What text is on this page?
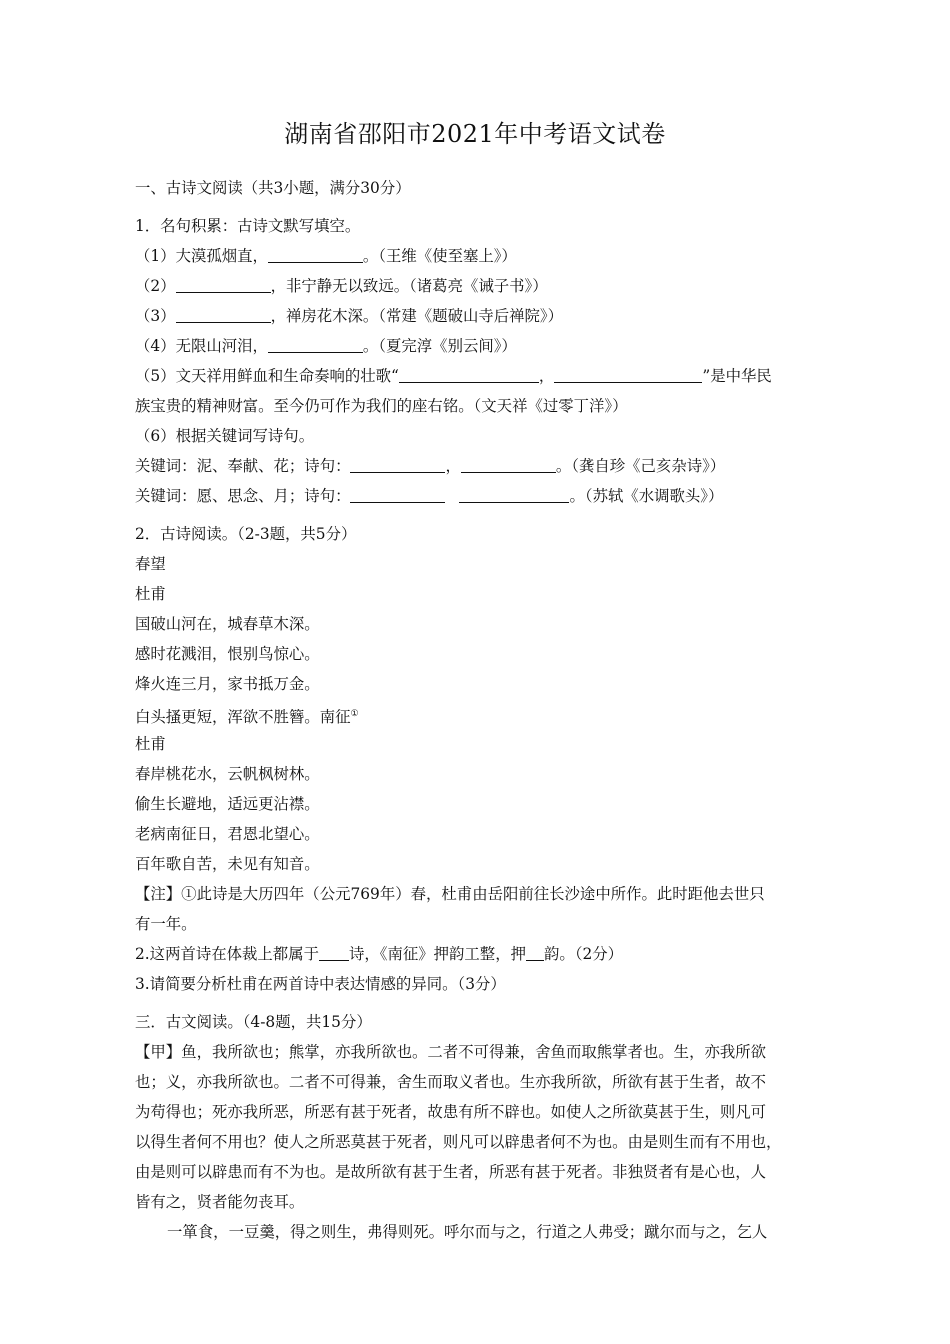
湖南省邵阳市2021年中考语文试卷
一、古诗文阅读（共3小题，满分30分）
1．名句积累：古诗文默写填空。
（1）大漠孤烟直，	。（王维《使至塞上》）
（2）	，非宁静无以致远。（诸葛亮《诫子书》）
（3）	，禅房花木深。（常建《题破山寺后禅院》）
（4）无限山河泪，	。（夏完淳《别云间》）
（5）文天祥用鲜血和生命奏响的壮歌“	，	”是中华民
族宝贵的精神财富。至今仍可作为我们的座右铭。（文天祥《过零丁洋》）
（6）根据关键词写诗句。
关键词：泥、奉献、花；诗句：	，	。（龚自珍《己亥杂诗》）
关键词：愿、思念、月；诗句：	。（苏轼《水调歌头》）
2．古诗阅读。（2-3题，共5分）
春望
杜甫
国破山河在，城春草木深。
感时花溅泪，恨别鸟惊心。
烽火连三月，家书抵万金。
白头搔更短，浑欲不胜簪。南征①
杜甫
春岸桃花水，云帆枫树林。
偷生长避地，适远更沾襟。
老病南征日，君恩北望心。
百年歌自苦，未见有知音。
【注】①此诗是大历四年（公元769年）春，杜甫由岳阳前往长沙途中所作。此时距他去世只
有一年。
2.这两首诗在体裁上都属于 诗，《南征》押韵工整，押 韵。（2分）
3.请简要分析杜甫在两首诗中表达情感的异同。（3分）
三．古文阅读。（4-8题，共15分）
【甲】鱼，我所欲也；熊掌，亦我所欲也。二者不可得兼，舍鱼而取熊掌者也。生，亦我所欲
也；义，亦我所欲也。二者不可得兼，舍生而取义者也。生亦我所欲，所欲有甚于生者，故不
为苟得也；死亦我所恶，所恶有甚于死者，故患有所不辟也。如使人之所欲莫甚于生，则凡可
以得生者何不用也？使人之所恶莫甚于死者，则凡可以辟患者何不为也。由是则生而有不用也，
由是则可以辟患而有不为也。是故所欲有甚于生者，所恶有甚于死者。非独贤者有是心也，人
皆有之，贤者能勿丧耳。
一箪食，一豆羹，得之则生，弗得则死。呼尔而与之，行道之人弗受；蹴尔而与之，乞人
